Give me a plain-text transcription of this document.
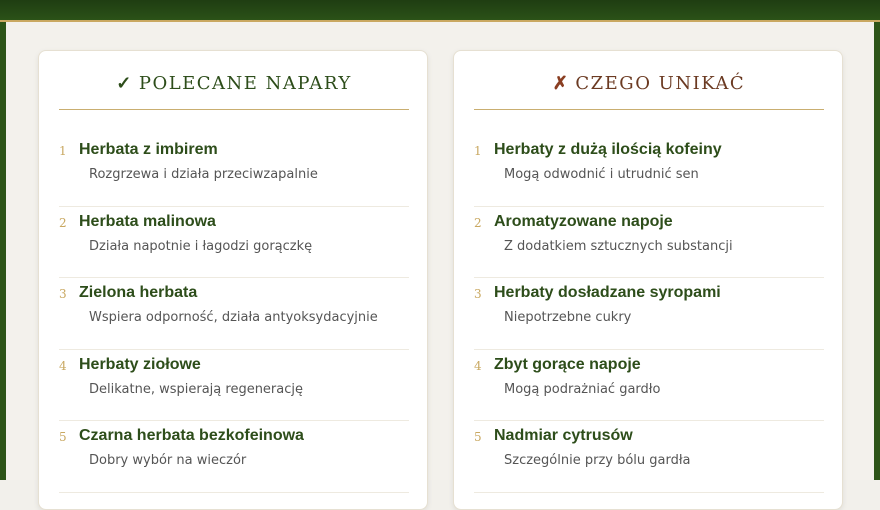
✓ POLECANE NAPARY
1 Herbata z imbirem
Rozgrzewa i działa przeciwzapalnie
2 Herbata malinowa
Działa napotnie i łagodzi gorączkę
3 Zielona herbata
Wspiera odporność, działa antyoksydacyjnie
4 Herbaty ziołowe
Delikatne, wspierają regenerację
5 Czarna herbata bezkofeinowa
Dobry wybór na wieczór
✗ CZEGO UNIKAĆ
1 Herbaty z dużą ilością kofeiny
Mogą odwodnić i utrudnić sen
2 Aromatyzowane napoje
Z dodatkiem sztucznych substancji
3 Herbaty dosładzane syropami
Niepotrzebne cukry
4 Zbyt gorące napoje
Mogą podrażniać gardło
5 Nadmiar cytrusów
Szczególnie przy bólu gardła
